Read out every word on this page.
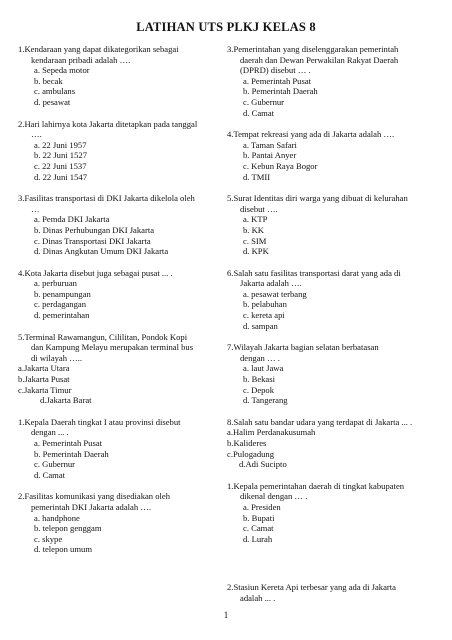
LATIHAN UTS PLKJ KELAS 8
1.Kendaraan yang dapat dikategorikan sebagai
kendaraan pribadi adalah ….
a. Sepeda motor
b. becak
c. ambulans
d. pesawat
2.Hari lahirnya kota Jakarta ditetapkan pada tanggal
….
a. 22 Juni 1957
b. 22 Juni 1527
c. 22 Juni 1537
d. 22 Juni 1547
3.Fasilitas transportasi di DKI Jakarta dikelola oleh
…
a. Pemda DKI Jakarta
b. Dinas Perhubungan DKI Jakarta
c. Dinas Transportasi DKI Jakarta
d. Dinas Angkutan Umum DKI Jakarta
4.Kota Jakarta disebut juga sebagai pusat ... .
a. perburuan
b. penampungan
c. perdagangan
d. pemerintahan
5.Terminal Rawamangun, Cililitan, Pondok Kopi
dan Kampung Melayu merupakan terminal bus
di wilayah …..
a.Jakarta Utara
b.Jakarta Pusat
c.Jakarta Timur
d.Jakarta Barat
1.Kepala Daerah tingkat I atau provinsi disebut
dengan ... .
a. Pemerintah Pusat
b. Pemerintah Daerah
c. Gubernur
d. Camat
2.Fasilitas komunikasi yang disediakan oleh
pemerintah DKI Jakarta adalah ….
a. handphone
b. telepon genggam
c. skype
d. telepon umum
3.Pemerintahan yang diselenggarakan pemerintah
daerah dan Dewan Perwakilan Rakyat Daerah
(DPRD) disebut … .
a. Pemerintah Pusat
b. Pemerintah Daerah
c. Gubernur
d. Camat
4.Tempat rekreasi yang ada di Jakarta adalah ….
a. Taman Safari
b. Pantai Anyer
c. Kebun Raya Bogor
d. TMII
5.Surat Identitas diri warga yang dibuat di kelurahan
disebut ….
a. KTP
b. KK
c. SIM
d. KPK
6.Salah satu fasilitas transportasi darat yang ada di
Jakarta adalah ….
a. pesawat terbang
b. pelabuhan
c. kereta api
d. sampan
7.Wilayah Jakarta bagian selatan berbatasan
dengan … .
a. laut Jawa
b. Bekasi
c. Depok
d. Tangerang
8.Salah satu bandar udara yang terdapat di Jakarta ... .
a.Halim Perdanakusumah
b.Kalideres
c.Pulogadung
d.Adi Sucipto
1.Kepala pemerintahan daerah di tingkat kabupaten
dikenal dengan … .
a. Presiden
b. Bupati
c. Camat
d. Lurah
2.Stasiun Kereta Api terbesar yang ada di Jakarta
adalah ... .
1
